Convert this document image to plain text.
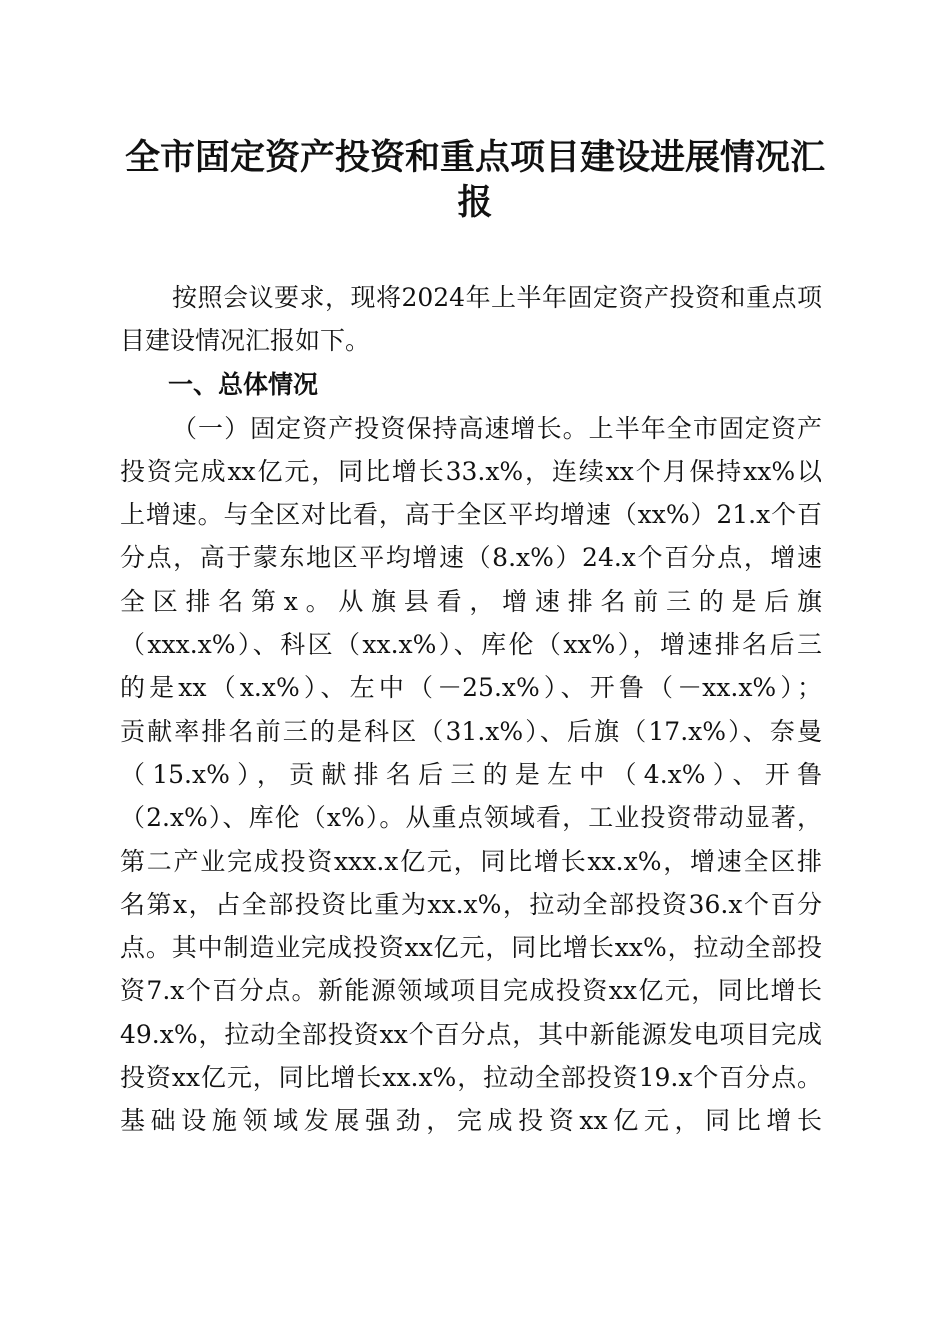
全市固定资产投资和重点项目建设进展情况汇
报
按照会议要求，现将2024年上半年固定资产投资和重点项
目建设情况汇报如下。
一、总体情况
（一）固定资产投资保持高速增长。上半年全市固定资产
投资完成xx亿元，同比增长33.x%，连续xx个月保持xx%以
上增速。与全区对比看，高于全区平均增速（xx%）21.x个百
分点，高于蒙东地区平均增速（8.x%）24.x个百分点，增速
全区排名第x。从旗县看，增速排名前三的是后旗
（xxx.x%）、科区（xx.x%）、库伦（xx%），增速排名后三
的是xx（x.x%）、左中（－25.x%）、开鲁（－xx.x%）；
贡献率排名前三的是科区（31.x%）、后旗（17.x%）、奈曼
（15.x%），贡献排名后三的是左中（4.x%）、开鲁
（2.x%）、库伦（x%）。从重点领域看，工业投资带动显著，
第二产业完成投资xxx.x亿元，同比增长xx.x%，增速全区排
名第x，占全部投资比重为xx.x%，拉动全部投资36.x个百分
点。其中制造业完成投资xx亿元，同比增长xx%，拉动全部投
资7.x个百分点。新能源领域项目完成投资xx亿元，同比增长
49.x%，拉动全部投资xx个百分点，其中新能源发电项目完成
投资xx亿元，同比增长xx.x%，拉动全部投资19.x个百分点。
基础设施领域发展强劲，完成投资xx亿元，同比增长
